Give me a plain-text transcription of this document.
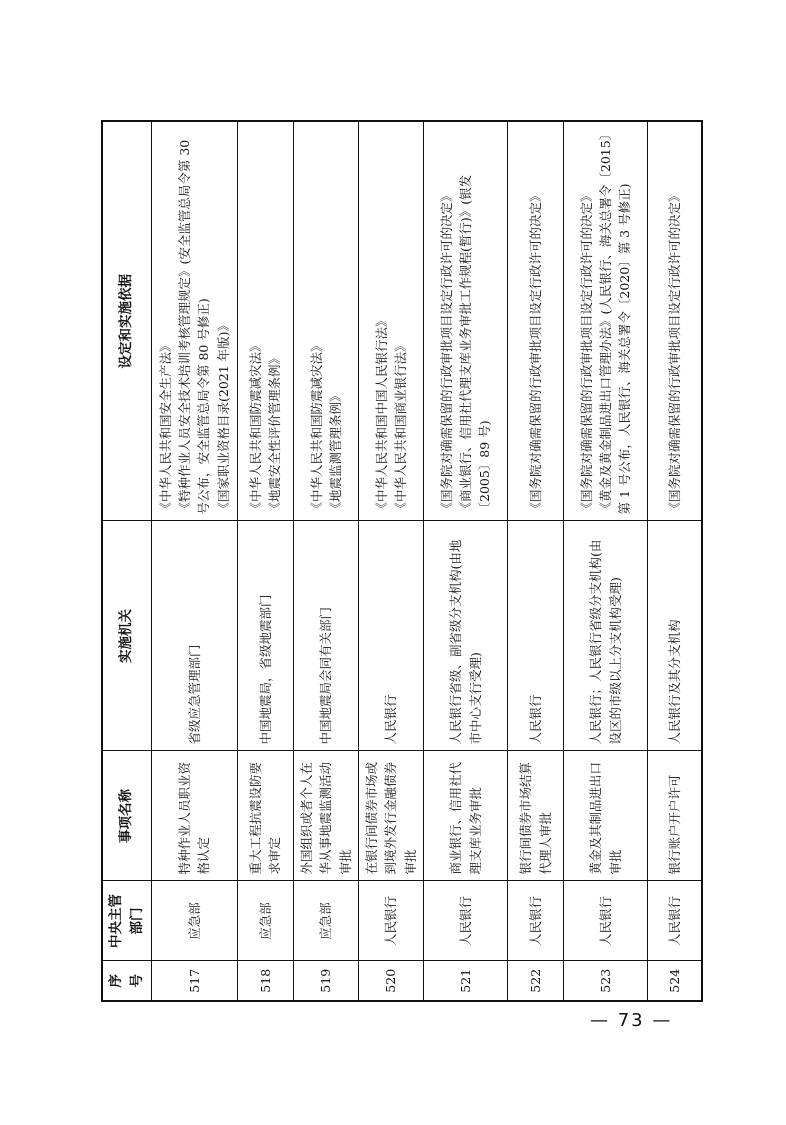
序号	中央主管部门	事项名称	实施机关	设定和实施依据
517	应急部	特种作业人员职业资格认定	省级应急管理部门	《中华人民共和国安全生产法》 《特种作业人员安全技术培训考核管理规定》(安全监管总局令第 30 号公布，安全监管总局令第 80 号修正) 《国家职业资格目录(2021 年版)》

518	应急部	重大工程抗震设防要求审定	中国地震局，省级地震部门	《中华人民共和国防震减灾法》 《地震安全性评价管理条例》

519	应急部	外国组织或者个人在华从事地震监测活动审批	中国地震局会同有关部门	《中华人民共和国防震减灾法》 《地震监测管理条例》

520	人民银行	在银行间债券市场或到境外发行金融债券审批	人民银行	《中华人民共和国中国人民银行法》 《中华人民共和国商业银行法》

521	人民银行	商业银行、信用社代理支库业务审批	人民银行省级、副省级分支机构(由地市中心支行受理)	《国务院对确需保留的行政审批项目设定行政许可的决定》 《商业银行、信用社代理支库业务审批工作规程(暂行)》(银发〔2005〕89 号)

522	人民银行	银行间债券市场结算代理人审批	人民银行	《国务院对确需保留的行政审批项目设定行政许可的决定》

523	人民银行	黄金及其制品进出口审批	人民银行；人民银行省级分支机构(由设区的市级以上分支机构受理)	《国务院对确需保留的行政审批项目设定行政许可的决定》 《黄金及黄金制品进出口管理办法》(人民银行、海关总署令〔2015〕第 1 号公布，人民银行、海关总署令〔2020〕第 3 号修正)

524	人民银行	银行账户开户许可	人民银行及其分支机构	《国务院对确需保留的行政审批项目设定行政许可的决定》
— 73 —
